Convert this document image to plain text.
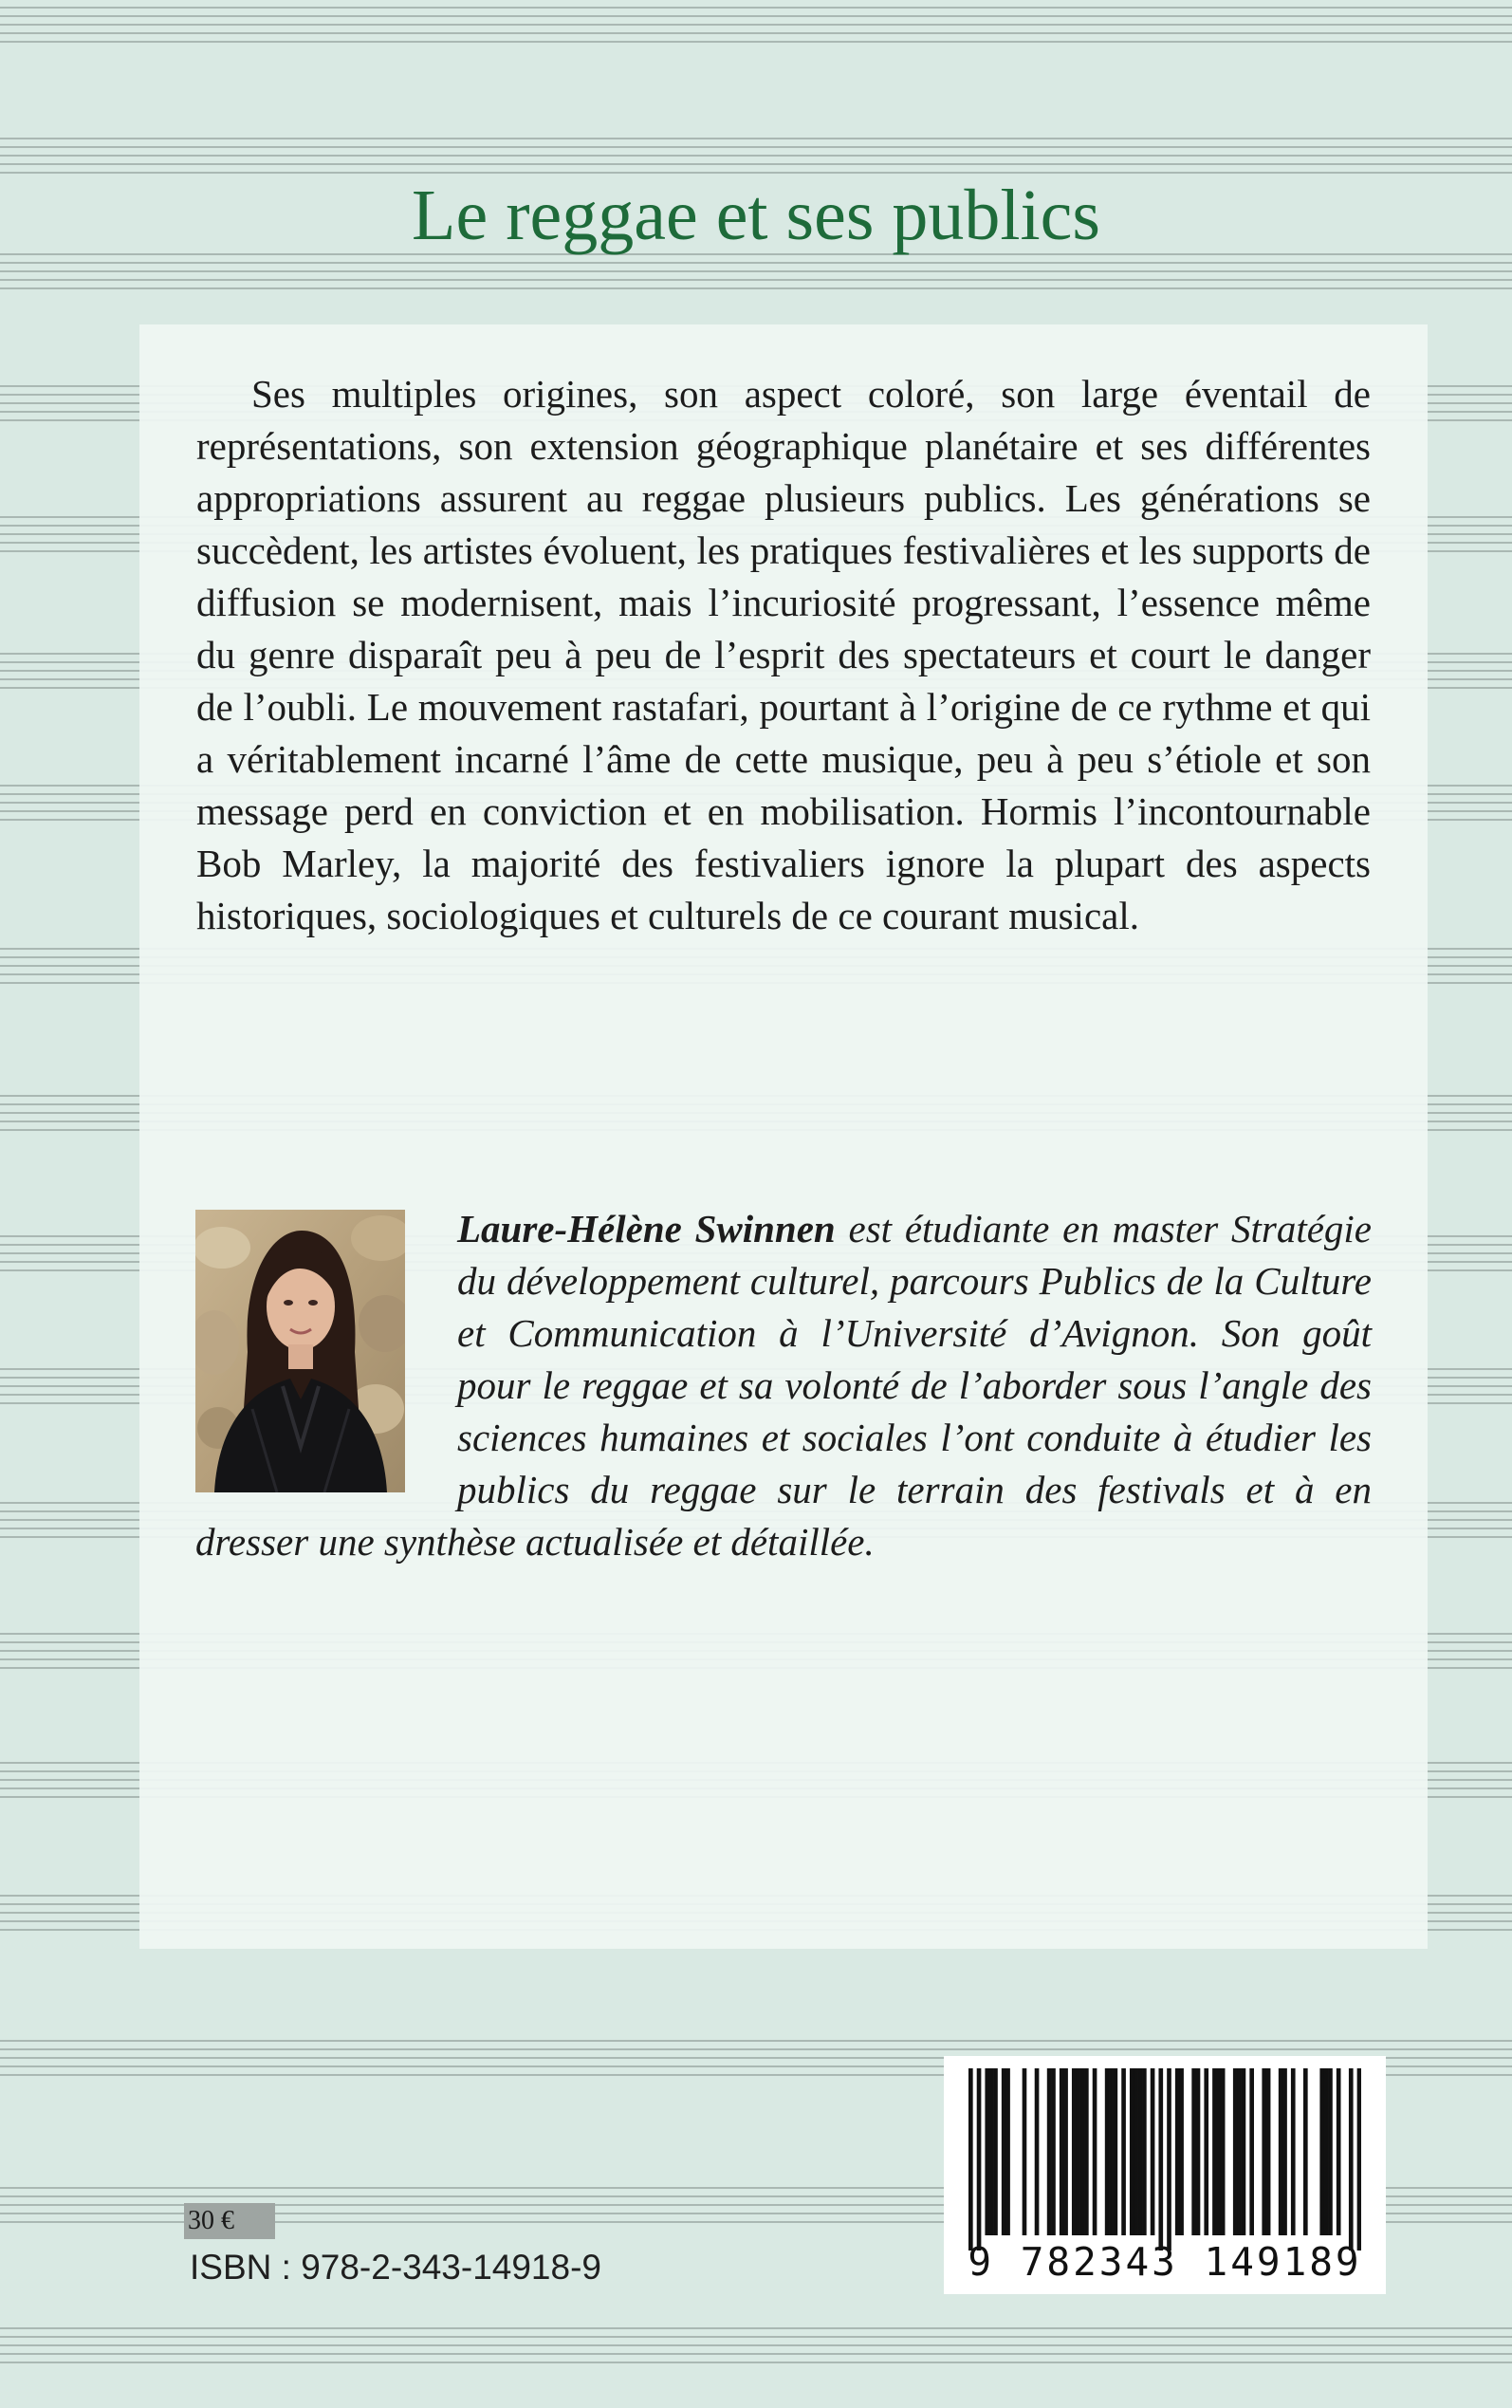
Le reggae et ses publics

Ses multiples origines, son aspect coloré, son large éventail de représentations, son extension géographique planétaire et ses différentes appropriations assurent au reggae plusieurs publics. Les générations se succèdent, les artistes évoluent, les pratiques festivalières et les supports de diffusion se modernisent, mais l’incuriosité progressant, l’essence même du genre disparaît peu à peu de l’esprit des spectateurs et court le danger de l’oubli. Le mouvement rastafari, pourtant à l’origine de ce rythme et qui a véritablement incarné l’âme de cette musique, peu à peu s’étiole et son message perd en conviction et en mobilisation. Hormis l’incontournable Bob Marley, la majorité des festivaliers ignore la plupart des aspects historiques, sociologiques et culturels de ce courant musical.

Laure-Hélène Swinnen est étudiante en master Stratégie du développement culturel, parcours Publics de la Culture et Communication à l’Université d’Avignon. Son goût pour le reggae et sa volonté de l’aborder sous l’angle des sciences humaines et sociales l’ont conduite à étudier les publics du reggae sur le terrain des festivals et à en dresser une synthèse actualisée et détaillée.

30 €
ISBN : 978-2-343-14918-9	9 782343 149189
